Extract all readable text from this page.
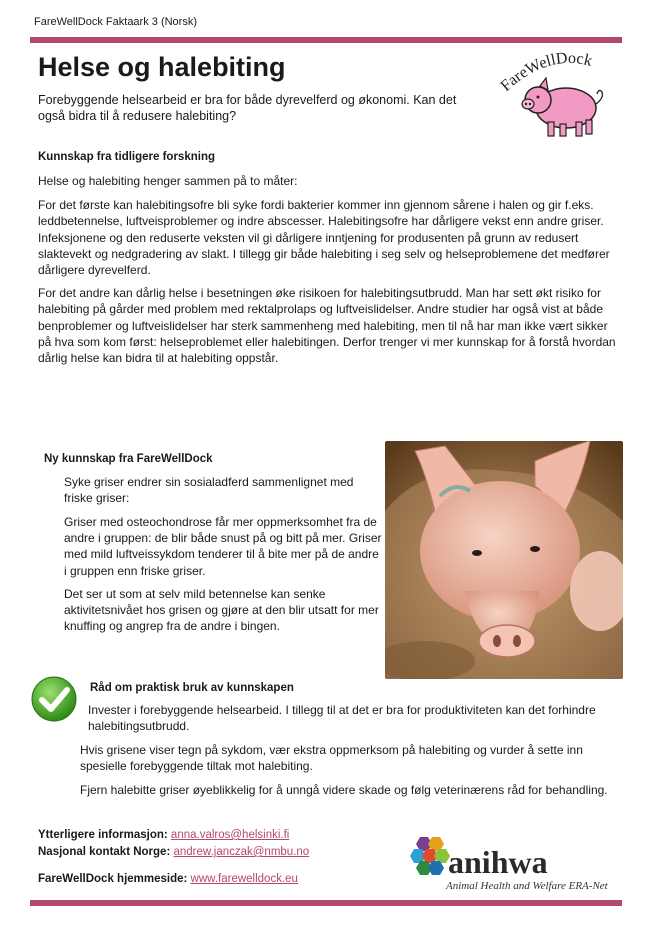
FareWellDock Faktaark 3 (Norsk)
FareWellDock
Helse og halebiting
Forebyggende helsearbeid er bra for både dyrevelferd og økonomi. Kan det også bidra til å redusere halebiting?
Kunnskap fra tidligere forskning
Helse og halebiting henger sammen på to måter:
For det første kan halebitingsofre bli syke fordi bakterier kommer inn gjennom sårene i halen og gir f.eks. leddbetennelse, luftveisproblemer og indre abscesser. Halebitingsofre har dårligere vekst enn andre griser. Infeksjonene og den reduserte veksten vil gi dårligere inntjening for produsenten på grunn av redusert slaktevekt og nedgradering av slakt. I tillegg gir både halebiting i seg selv og helseproblemene det medfører dårligere dyrevelferd.
For det andre kan dårlig helse i besetningen øke risikoen for halebitingsutbrudd. Man har sett økt risiko for halebiting på gårder med problem med rektalprolaps og luftveislidelser. Andre studier har også vist at både benproblemer og luftveislidelser har sterk sammenheng med halebiting, men til nå har man ikke vært sikker på hva som kom først: helseproblemet eller halebitingen. Derfor trenger vi mer kunnskap for å forstå hvordan dårlig helse kan bidra til at halebiting oppstår.
Ny kunnskap fra FareWellDock
Syke griser endrer sin sosialadferd sammenlignet med friske griser:
Griser med osteochondrose får mer oppmerksomhet fra de andre i gruppen: de blir både snust på og bitt på mer. Griser med mild luftveissykdom tenderer til å bite mer på de andre i gruppen enn friske griser.
Det ser ut som at selv mild betennelse kan senke aktivitetsnivået hos grisen og gjøre at den blir utsatt for mer knuffing og angrep fra de andre i bingen.
Råd om praktisk bruk av kunnskapen
Invester i forebyggende helsearbeid. I tillegg til at det er bra for produktiviteten kan det forhindre halebitingsutbrudd.
Hvis grisene viser tegn på sykdom, vær ekstra oppmerksom på halebiting og vurder å sette inn spesielle forebyggende tiltak mot halebiting.
Fjern halebitte griser øyeblikkelig for å unngå videre skade og følg veterinærens råd for behandling.
Ytterligere informasjon: anna.valros@helsinki.fi
Nasjonal kontakt Norge: andrew.janczak@nmbu.no
FareWellDock hjemmeside: www.farewelldock.eu	anihwa
Animal Health and Welfare ERA-Net
